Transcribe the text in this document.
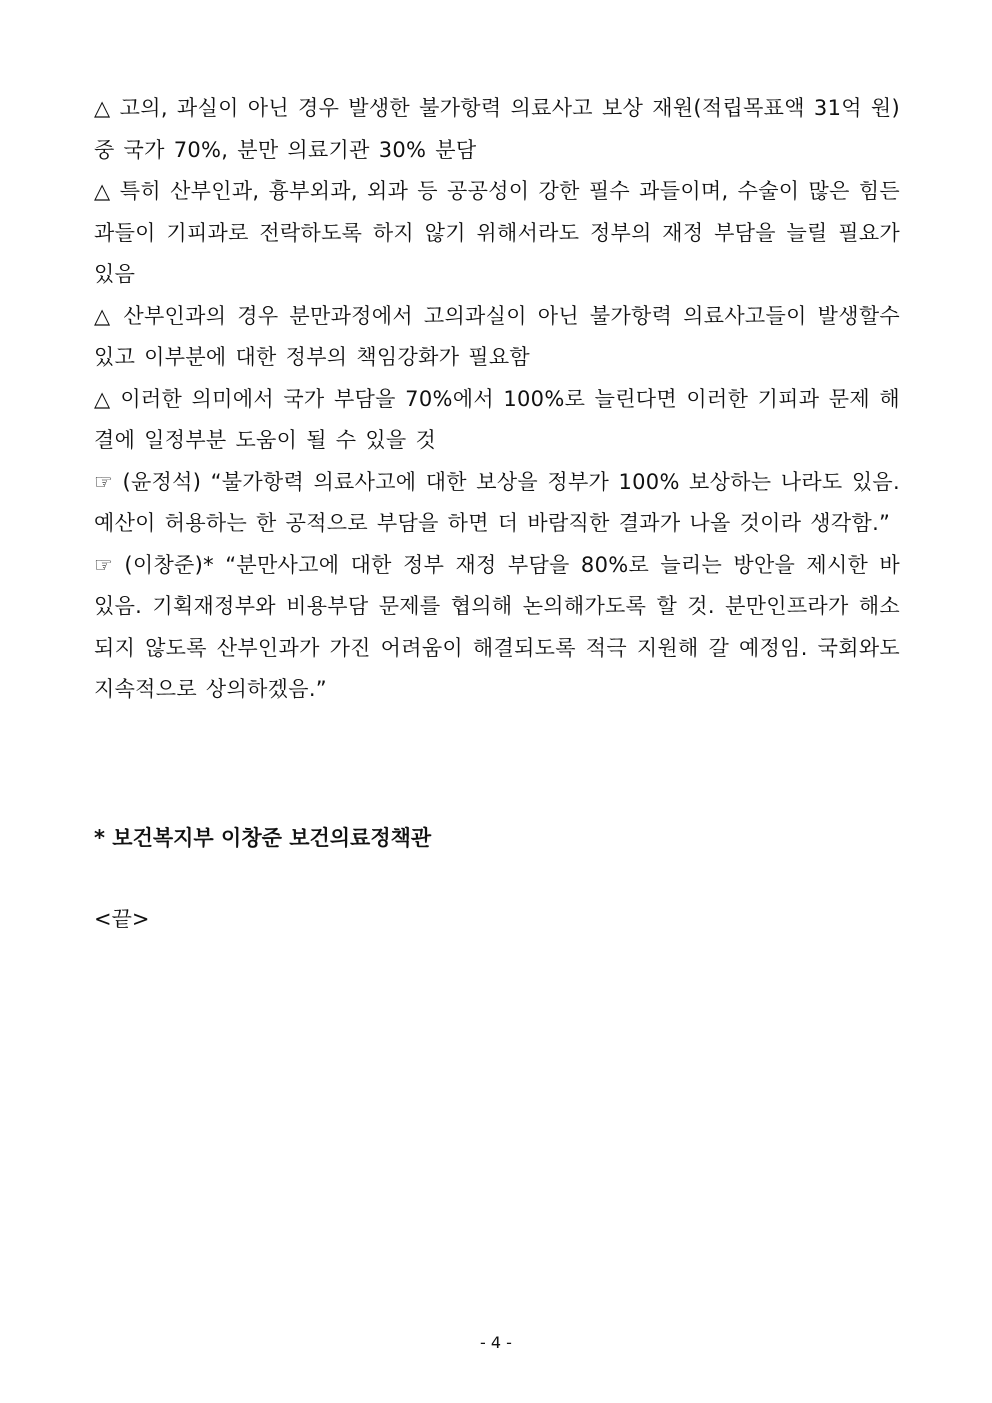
△ 고의, 과실이 아닌 경우 발생한 불가항력 의료사고 보상 재원(적립목표액 31억 원) 중 국가 70%, 분만 의료기관 30% 분담

△ 특히 산부인과, 흉부외과, 외과 등 공공성이 강한 필수 과들이며, 수술이 많은 힘든과들이 기피과로 전락하도록 하지 않기 위해서라도 정부의 재정 부담을 늘릴 필요가 있음

△ 산부인과의 경우 분만과정에서 고의과실이 아닌 불가항력 의료사고들이 발생할수 있고 이부분에 대한 정부의 책임강화가 필요함

△ 이러한 의미에서 국가 부담을 70%에서 100%로 늘린다면 이러한 기피과 문제 해결에 일정부분 도움이 될 수 있을 것

☞ (윤정석) “불가항력 의료사고에 대한 보상을 정부가 100% 보상하는 나라도 있음. 예산이 허용하는 한 공적으로 부담을 하면 더 바람직한 결과가 나올 것이라 생각함.”

☞ (이창준)* “분만사고에 대한 정부 재정 부담을 80%로 늘리는 방안을 제시한 바 있음. 기획재정부와 비용부담 문제를 협의해 논의해가도록 할 것. 분만인프라가 해소되지 않도록 산부인과가 가진 어려움이 해결되도록 적극 지원해 갈 예정임. 국회와도 지속적으로 상의하겠음.”

* 보건복지부 이창준 보건의료정책관

<끝>

- 4 -
